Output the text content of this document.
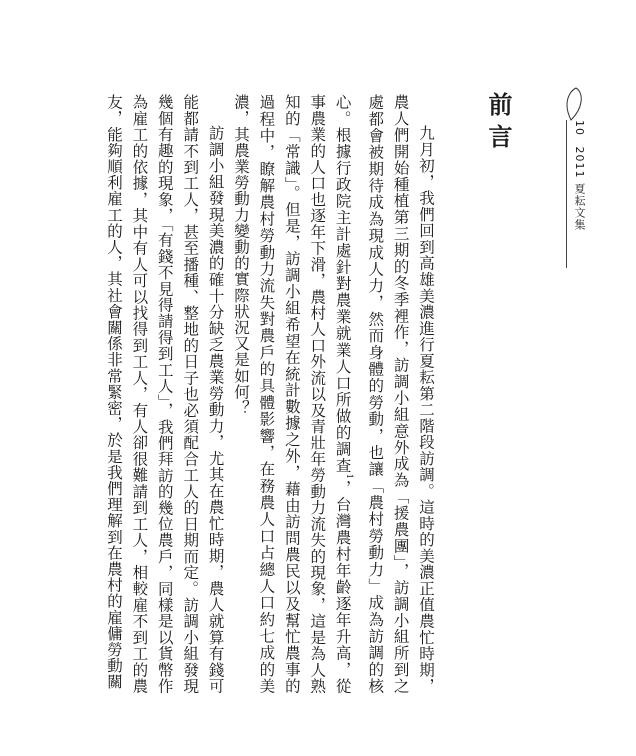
10 2011 夏耘文集
前言

九月初，我們回到高雄美濃進行夏耘第二階段訪調。這時的美濃正值農忙時期，農人們開始種植第三期的冬季裡作，訪調小組意外成為「援農團」，訪調小組所到之處都會被期待成為現成人力，然而身體的勞動，也讓「農村勞動力」成為訪調的核心。根據行政院主計處針對農業就業人口所做的調查$^1$，台灣農村年齡逐年升高，從事農業的人口也逐年下滑，農村人口外流以及青壯年勞動力流失的現象，這是為人熟知的「常識」。但是，訪調小組希望在統計數據之外，藉由訪問農民以及幫忙農事的過程中，瞭解農村勞動力流失對農戶的具體影響，在務農人口占總人口約七成的美濃，其農業勞動力變動的實際狀況又是如何？

訪調小組發現美濃的確十分缺乏農業勞動力，尤其在農忙時期，農人就算有錢可能都請不到工人，甚至播種、整地的日子也必須配合工人的日期而定。訪調小組發現幾個有趣的現象，「有錢不見得請得到工人」，我們拜訪的幾位農戶，同樣是以貨幣作為雇工的依據，其中有人可以找得到工人，有人卻很難請到工人，相較雇不到工的農友，能夠順利雇工的人，其社會關係非常緊密，於是我們理解到在農村的雇傭勞動關
